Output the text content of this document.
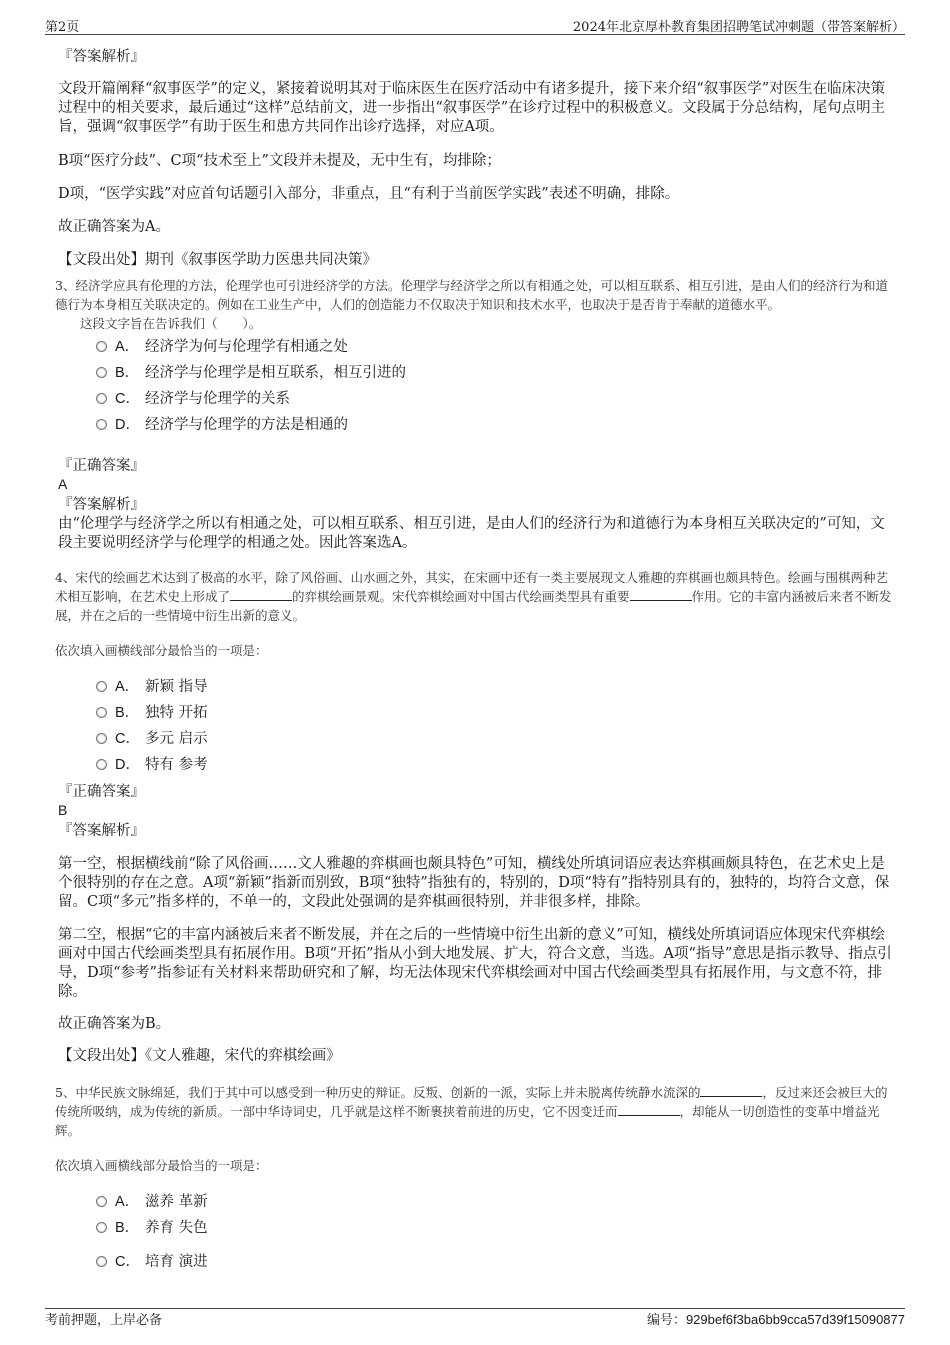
第2页	2024年北京厚朴教育集团招聘笔试冲刺题（带答案解析）
『答案解析』

文段开篇阐释“叙事医学”的定义，紧接着说明其对于临床医生在医疗活动中有诸多提升，接下来介绍“叙事医学”对医生在临床决策过程中的相关要求，最后通过“这样”总结前文，进一步指出“叙事医学”在诊疗过程中的积极意义。文段属于分总结构，尾句点明主旨，强调“叙事医学”有助于医生和患方共同作出诊疗选择，对应A项。

B项“医疗分歧”、C项“技术至上”文段并未提及，无中生有，均排除；

D项，“医学实践”对应首句话题引入部分，非重点，且“有利于当前医学实践”表述不明确，排除。

故正确答案为A。

【文段出处】期刊《叙事医学助力医患共同决策》

3、经济学应具有伦理的方法，伦理学也可引进经济学的方法。伦理学与经济学之所以有相通之处，可以相互联系、相互引进，是由人们的经济行为和道德行为本身相互关联决定的。例如在工业生产中，人们的创造能力不仅取决于知识和技术水平，也取决于是否肯于奉献的道德水平。

这段文字旨在告诉我们（　　）。

A． 经济学为何与伦理学有相通之处
B． 经济学与伦理学是相互联系，相互引进的
C． 经济学与伦理学的关系
D． 经济学与伦理学的方法是相通的
『正确答案』
A
『答案解析』

由“伦理学与经济学之所以有相通之处，可以相互联系、相互引进，是由人们的经济行为和道德行为本身相互关联决定的”可知，文段主要说明经济学与伦理学的相通之处。因此答案选A。

4、宋代的绘画艺术达到了极高的水平，除了风俗画、山水画之外，其实，在宋画中还有一类主要展现文人雅趣的弈棋画也颇具特色。绘画与围棋两种艺术相互影响，在艺术史上形成了	的弈棋绘画景观。宋代弈棋绘画对中国古代绘画类型具有重要	作用。它的丰富内涵被后来者不断发展，并在之后的一些情境中衍生出新的意义。

依次填入画横线部分最恰当的一项是：

A． 新颖 指导
B． 独特 开拓
C． 多元 启示
D． 特有 参考
『正确答案』
B
『答案解析』

第一空，根据横线前“除了风俗画……文人雅趣的弈棋画也颇具特色”可知，横线处所填词语应表达弈棋画颇具特色，在艺术史上是个很特别的存在之意。A项“新颖”指新而别致，B项“独特”指独有的，特别的，D项“特有”指特别具有的，独特的，均符合文意，保留。C项“多元”指多样的，不单一的，文段此处强调的是弈棋画很特别，并非很多样，排除。

第二空，根据“它的丰富内涵被后来者不断发展，并在之后的一些情境中衍生出新的意义”可知，横线处所填词语应体现宋代弈棋绘画对中国古代绘画类型具有拓展作用。B项“开拓”指从小到大地发展、扩大，符合文意，当选。A项“指导”意思是指示教导、指点引导，D项“参考”指参证有关材料来帮助研究和了解，均无法体现宋代弈棋绘画对中国古代绘画类型具有拓展作用，与文意不符，排除。

故正确答案为B。

【文段出处】《文人雅趣，宋代的弈棋绘画》

5、中华民族文脉绵延，我们于其中可以感受到一种历史的辩证。反叛、创新的一派，实际上并未脱离传统静水流深的	，反过来还会被巨大的传统所吸纳，成为传统的新质。一部中华诗词史，几乎就是这样不断裹挟着前进的历史，它不因变迁而	，却能从一切创造性的变革中增益光辉。

依次填入画横线部分最恰当的一项是：

A． 滋养 革新
B． 养育 失色
C． 培育 演进
考前押题，上岸必备	编号：929bef6f3ba6bb9cca57d39f15090877
